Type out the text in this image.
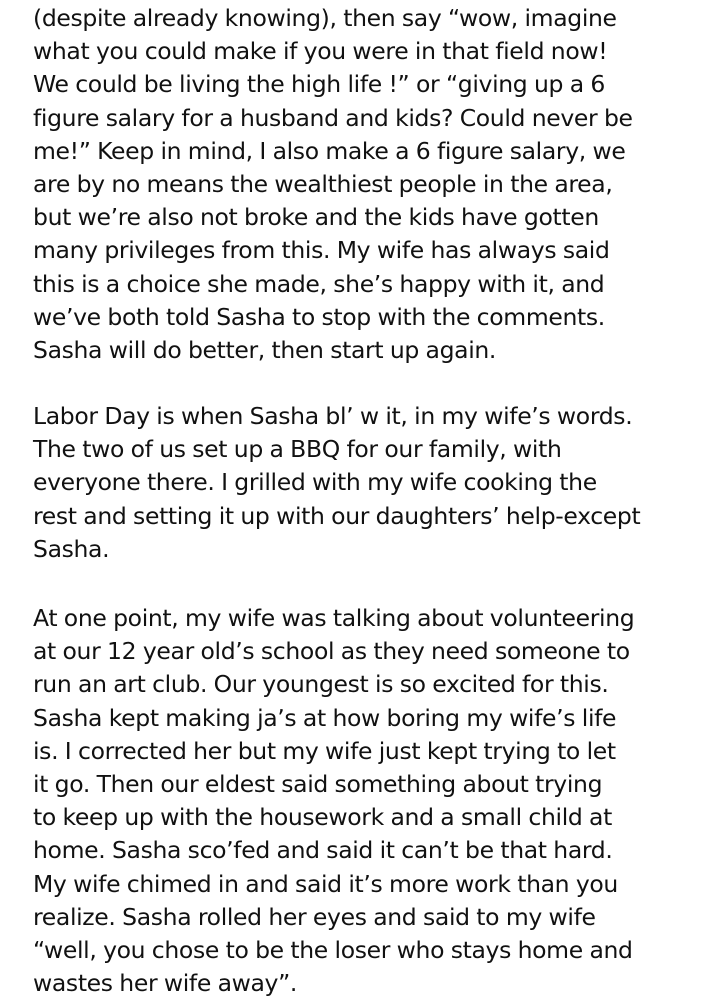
(despite already knowing), then say “wow, imagine
what you could make if you were in that field now!
We could be living the high life !” or “giving up a 6
figure salary for a husband and kids? Could never be
me!” Keep in mind, I also make a 6 figure salary, we
are by no means the wealthiest people in the area,
but we’re also not broke and the kids have gotten
many privileges from this. My wife has always said
this is a choice she made, she’s happy with it, and
we’ve both told Sasha to stop with the comments.
Sasha will do better, then start up again.

Labor Day is when Sasha blʼ w it, in my wife’s words.
The two of us set up a BBQ for our family, with
everyone there. I grilled with my wife cooking the
rest and setting it up with our daughters’ help-except
Sasha.

At one point, my wife was talking about volunteering
at our 12 year old’s school as they need someone to
run an art club. Our youngest is so excited for this.
Sasha kept making jaʼs at how boring my wife’s life
is. I corrected her but my wife just kept trying to let
it go. Then our eldest said something about trying
to keep up with the housework and a small child at
home. Sasha scoʼfed and said it can’t be that hard.
My wife chimed in and said it’s more work than you
realize. Sasha rolled her eyes and said to my wife
“well, you chose to be the loser who stays home and
wastes her wife away”.
